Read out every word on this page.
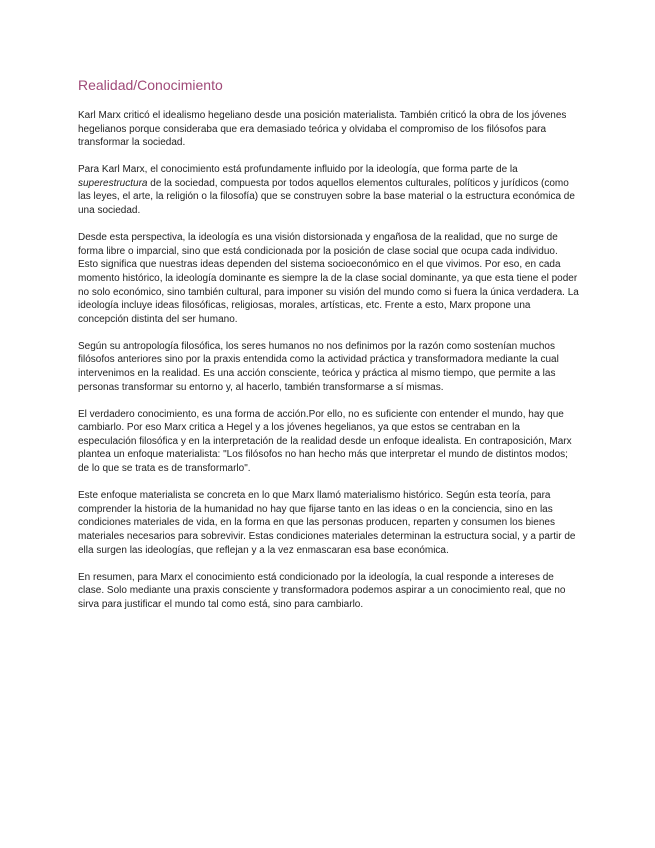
Realidad/Conocimiento

Karl Marx criticó el idealismo hegeliano desde una posición materialista. También criticó la obra de los jóvenes hegelianos porque consideraba que era demasiado teórica y olvidaba el compromiso de los filósofos para transformar la sociedad.

Para Karl Marx, el conocimiento está profundamente influido por la ideología, que forma parte de la superestructura de la sociedad, compuesta por todos aquellos elementos culturales, políticos y jurídicos (como las leyes, el arte, la religión o la filosofía) que se construyen sobre la base material o la estructura económica de una sociedad.

Desde esta perspectiva, la ideología es una visión distorsionada y engañosa de la realidad, que no surge de forma libre o imparcial, sino que está condicionada por la posición de clase social que ocupa cada individuo. Esto significa que nuestras ideas dependen del sistema socioeconómico en el que vivimos. Por eso, en cada momento histórico, la ideología dominante es siempre la de la clase social dominante, ya que esta tiene el poder no solo económico, sino también cultural, para imponer su visión del mundo como si fuera la única verdadera. La ideología incluye ideas filosóficas, religiosas, morales, artísticas, etc. Frente a esto, Marx propone una concepción distinta del ser humano.

Según su antropología filosófica, los seres humanos no nos definimos por la razón como sostenían muchos filósofos anteriores sino por la praxis entendida como la actividad práctica y transformadora mediante la cual intervenimos en la realidad. Es una acción consciente, teórica y práctica al mismo tiempo, que permite a las personas transformar su entorno y, al hacerlo, también transformarse a sí mismas.

El verdadero conocimiento, es una forma de acción.Por ello, no es suficiente con entender el mundo, hay que cambiarlo. Por eso Marx critica a Hegel y a los jóvenes hegelianos, ya que estos se centraban en la especulación filosófica y en la interpretación de la realidad desde un enfoque idealista. En contraposición, Marx plantea un enfoque materialista: "Los filósofos no han hecho más que interpretar el mundo de distintos modos; de lo que se trata es de transformarlo".

Este enfoque materialista se concreta en lo que Marx llamó materialismo histórico. Según esta teoría, para comprender la historia de la humanidad no hay que fijarse tanto en las ideas o en la conciencia, sino en las condiciones materiales de vida, en la forma en que las personas producen, reparten y consumen los bienes materiales necesarios para sobrevivir. Estas condiciones materiales determinan la estructura social, y a partir de ella surgen las ideologías, que reflejan y a la vez enmascaran esa base económica.

En resumen, para Marx el conocimiento está condicionado por la ideología, la cual responde a intereses de clase. Solo mediante una praxis consciente y transformadora podemos aspirar a un conocimiento real, que no sirva para justificar el mundo tal como está, sino para cambiarlo.
